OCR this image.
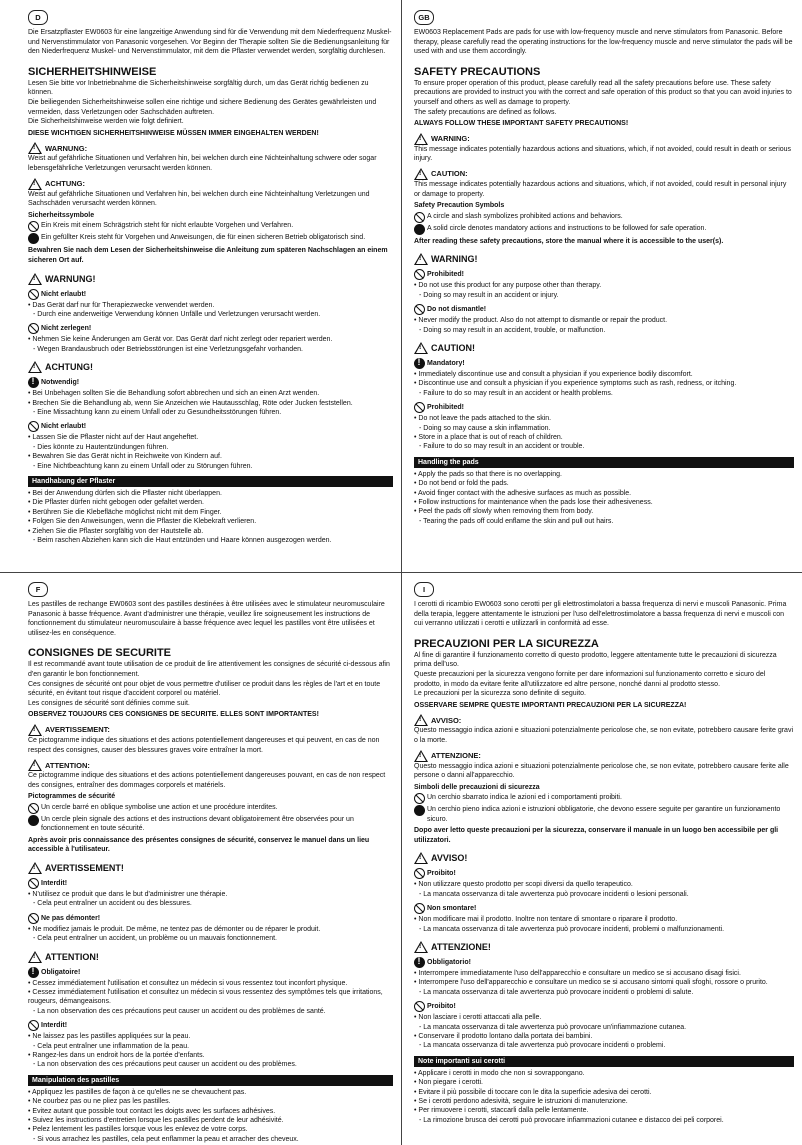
D

Die Ersatzpflaster EW0603 für eine langzeitige Anwendung sind für die Verwendung mit dem Niederfrequenz Muskel- und Nervenstimmulator von Panasonic vorgesehen. Vor Beginn der Therapie sollten Sie die Bedienungsanleitung für den Niederfrequenz Muskel- und Nervenstimmulator, mit dem die Pflaster verwendet werden, sorgfältig durchlesen.

SICHERHEITSHINWEISE

Lesen Sie bitte vor Inbetriebnahme die Sicherheitshinweise sorgfältig durch, um das Gerät richtig bedienen zu können.

Die beiliegenden Sicherheitshinweise sollen eine richtige und sichere Bedienung des Gerätes gewährleisten und vermeiden, dass Verletzungen oder Sachschäden auftreten.

Die Sicherheitshinweise werden wie folgt definiert.

DIESE WICHTIGEN SICHERHEITSHINWEISE MÜSSEN IMMER EINGEHALTEN WERDEN!
!
WARNUNG:

Weist auf gefährliche Situationen und Verfahren hin, bei welchen durch eine Nichteinhaltung schwere oder sogar lebensgefährliche Verletzungen verursacht werden können.

!
ACHTUNG:

Weist auf gefährliche Situationen und Verfahren hin, bei welchen durch eine Nichteinhaltung Verletzungen und Sachschäden verursacht werden können.

Sicherheitssymbole
Ein Kreis mit einem Schrägstrich steht für nicht erlaubte Vorgehen und Verfahren.
Ein gefüllter Kreis steht für Vorgehen und Anweisungen, die für einen sicheren Betrieb obligatorisch sind.
Bewahren Sie nach dem Lesen der Sicherheitshinweise die Anleitung zum späteren Nachschlagen an einem sicheren Ort auf.
!
WARNUNG!
Nicht erlaubt!

• Das Gerät darf nur für Therapiezwecke verwendet werden.

- Durch eine anderweitige Verwendung können Unfälle und Verletzungen verursacht werden.

Nicht zerlegen!

• Nehmen Sie keine Änderungen am Gerät vor. Das Gerät darf nicht zerlegt oder repariert werden.

- Wegen Brandausbruch oder Betriebsstörungen ist eine Verletzungsgefahr vorhanden.

!
ACHTUNG!
!
Notwendig!

• Bei Unbehagen sollten Sie die Behandlung sofort abbrechen und sich an einen Arzt wenden.

• Brechen Sie die Behandlung ab, wenn Sie Anzeichen wie Hautausschlag, Röte oder Jucken feststellen.

- Eine Missachtung kann zu einem Unfall oder zu Gesundheitsstörungen führen.

Nicht erlaubt!

• Lassen Sie die Pflaster nicht auf der Haut angeheftet.

- Dies könnte zu Hautentzündungen führen.

• Bewahren Sie das Gerät nicht in Reichweite von Kindern auf.

- Eine Nichtbeachtung kann zu einem Unfall oder zu Störungen führen.

Handhabung der Pflaster

• Bei der Anwendung dürfen sich die Pflaster nicht überlappen.

• Die Pflaster dürfen nicht gebogen oder gefaltet werden.

• Berühren Sie die Klebefläche möglichst nicht mit dem Finger.

• Folgen Sie den Anweisungen, wenn die Pflaster die Klebekraft verlieren.

• Ziehen Sie die Pflaster sorgfältig von der Hautstelle ab.

- Beim raschen Abziehen kann sich die Haut entzünden und Haare können ausgezogen werden.

GB

EW0603 Replacement Pads are pads for use with low-frequency muscle and nerve stimulators from Panasonic. Before therapy, please carefully read the operating instructions for the low-frequency muscle and nerve stimulator the pads will be used with and use them accordingly.

SAFETY PRECAUTIONS

To ensure proper operation of this product, please carefully read all the safety precautions before use. These safety precautions are provided to instruct you with the correct and safe operation of this product so that you can avoid injuries to yourself and others as well as damage to property.

The safety precautions are defined as follows.

ALWAYS FOLLOW THESE IMPORTANT SAFETY PRECAUTIONS!
!
WARNING:

This message indicates potentially hazardous actions and situations, which, if not avoided, could result in death or serious injury.

!
CAUTION:

This message indicates potentially hazardous actions and situations, which, if not avoided, could result in personal injury or damage to property.

Safety Precaution Symbols
A circle and slash symbolizes prohibited actions and behaviors.
A solid circle denotes mandatory actions and instructions to be followed for safe operation.
After reading these safety precautions, store the manual where it is accessible to the user(s).
!
WARNING!
Prohibited!

• Do not use this product for any purpose other than therapy.

- Doing so may result in an accident or injury.

Do not dismantle!

• Never modify the product. Also do not attempt to dismantle or repair the product.

- Doing so may result in an accident, trouble, or malfunction.

!
CAUTION!
!
Mandatory!

• Immediately discontinue use and consult a physician if you experience bodily discomfort.

• Discontinue use and consult a physician if you experience symptoms such as rash, redness, or itching.

- Failure to do so may result in an accident or health problems.

Prohibited!

• Do not leave the pads attached to the skin.

- Doing so may cause a skin inflammation.

• Store in a place that is out of reach of children.

- Failure to do so may result in an accident or trouble.

Handling the pads

• Apply the pads so that there is no overlapping.

• Do not bend or fold the pads.

• Avoid finger contact with the adhesive surfaces as much as possible.

• Follow instructions for maintenance when the pads lose their adhesiveness.

• Peel the pads off slowly when removing them from body.

- Tearing the pads off could enflame the skin and pull out hairs.

F

Les pastilles de rechange EW0603 sont des pastilles destinées à être utilisées avec le stimulateur neuromusculaire Panasonic à basse fréquence. Avant d'administrer une thérapie, veuillez lire soigneusement les instructions de fonctionnement du stimulateur neuromusculaire à basse fréquence avec lequel les pastilles vont être utilisées et utilisez-les en conséquence.

CONSIGNES DE SECURITE

Il est recommandé avant toute utilisation de ce produit de lire attentivement les consignes de sécurité ci-dessous afin d'en garantir le bon fonctionnement.

Ces consignes de sécurité ont pour objet de vous permettre d'utiliser ce produit dans les règles de l'art et en toute sécurité, en évitant tout risque d'accident corporel ou matériel.

Les consignes de sécurité sont définies comme suit.

OBSERVEZ TOUJOURS CES CONSIGNES DE SECURITE. ELLES SONT IMPORTANTES!
!
AVERTISSEMENT:

Ce pictogramme indique des situations et des actions potentiellement dangereuses et qui peuvent, en cas de non respect des consignes, causer des blessures graves voire entraîner la mort.

!
ATTENTION:

Ce pictogramme indique des situations et des actions potentiellement dangereuses pouvant, en cas de non respect des consignes, entraîner des dommages corporels et matériels.

Pictogrammes de sécurité
Un cercle barré en oblique symbolise une action et une procédure interdites.
Un cercle plein signale des actions et des instructions devant obligatoirement être observées pour un fonctionnement en toute sécurité.
Après avoir pris connaissance des présentes consignes de sécurité, conservez le manuel dans un lieu accessible à l'utilisateur.
!
AVERTISSEMENT!
Interdit!

• N'utilisez ce produit que dans le but d'administrer une thérapie.

- Cela peut entraîner un accident ou des blessures.

Ne pas démonter!

• Ne modifiez jamais le produit. De même, ne tentez pas de démonter ou de réparer le produit.

- Cela peut entraîner un accident, un problème ou un mauvais fonctionnement.

!
ATTENTION!
!
Obligatoire!

• Cessez immédiatement l'utilisation et consultez un médecin si vous ressentez tout inconfort physique.

• Cessez immédiatement l'utilisation et consultez un médecin si vous ressentez des symptômes tels que irritations, rougeurs, démangeaisons.

- La non observation des ces précautions peut causer un accident ou des problèmes de santé.

Interdit!

• Ne laissez pas les pastilles appliquées sur la peau.

- Cela peut entraîner une inflammation de la peau.

• Rangez-les dans un endroit hors de la portée d'enfants.

- La non observation des ces précautions peut causer un accident ou des problèmes.

Manipulation des pastilles

• Appliquez les pastilles de façon à ce qu'elles ne se chevauchent pas.

• Ne courbez pas ou ne pliez pas les pastilles.

• Evitez autant que possible tout contact les doigts avec les surfaces adhésives.

• Suivez les instructions d'entretien lorsque les pastilles perdent de leur adhésivité.

• Pelez lentement les pastilles lorsque vous les enlevez de votre corps.

- Si vous arrachez les pastilles, cela peut enflammer la peau et arracher des cheveux.

I

I cerotti di ricambio EW0603 sono cerotti per gli elettrostimolatori a bassa frequenza di nervi e muscoli Panasonic. Prima della terapia, leggere attentamente le istruzioni per l'uso dell'elettrostimolatore a bassa frequenza di nervi e muscoli con cui verranno utilizzati i cerotti e utilizzarli in conformità ad esse.

PRECAUZIONI PER LA SICUREZZA

Al fine di garantire il funzionamento corretto di questo prodotto, leggere attentamente tutte le precauzioni di sicurezza prima dell'uso.

Queste precauzioni per la sicurezza vengono fornite per dare informazioni sul funzionamento corretto e sicuro del prodotto, in modo da evitare ferite all'utilizzatore ed altre persone, nonché danni al prodotto stesso.

Le precauzioni per la sicurezza sono definite di seguito.

OSSERVARE SEMPRE QUESTE IMPORTANTI PRECAUZIONI PER LA SICUREZZA!
!
AVVISO:

Questo messaggio indica azioni e situazioni potenzialmente pericolose che, se non evitate, potrebbero causare ferite gravi o la morte.

!
ATTENZIONE:

Questo messaggio indica azioni e situazioni potenzialmente pericolose che, se non evitate, potrebbero causare ferite alle persone o danni all'apparecchio.

Simboli delle precauzioni di sicurezza
Un cerchio sbarrato indica le azioni ed i comportamenti proibiti.
Un cerchio pieno indica azioni e istruzioni obbligatorie, che devono essere seguite per garantire un funzionamento sicuro.
Dopo aver letto queste precauzioni per la sicurezza, conservare il manuale in un luogo ben accessibile per gli utilizzatori.
!
AVVISO!
Proibito!

• Non utilizzare questo prodotto per scopi diversi da quello terapeutico.

- La mancata osservanza di tale avvertenza può provocare incidenti o lesioni personali.

Non smontare!

• Non modificare mai il prodotto. Inoltre non tentare di smontare o riparare il prodotto.

- La mancata osservanza di tale avvertenza può provocare incidenti, problemi o malfunzionamenti.

!
ATTENZIONE!
!
Obbligatorio!

• Interrompere immediatamente l'uso dell'apparecchio e consultare un medico se si accusano disagi fisici.

• Interrompere l'uso dell'apparecchio e consultare un medico se si accusano sintomi quali sfoghi, rossore o prurito.

- La mancata osservanza di tale avvertenza può provocare incidenti o problemi di salute.

Proibito!

• Non lasciare i cerotti attaccati alla pelle.

- La mancata osservanza di tale avvertenza può provocare un'infiammazione cutanea.

• Conservare il prodotto lontano dalla portata dei bambini.

- La mancata osservanza di tale avvertenza può provocare incidenti o problemi.

Note importanti sui cerotti

• Applicare i cerotti in modo che non si sovrappongano.

• Non piegare i cerotti.

• Evitare il più possibile di toccare con le dita la superficie adesiva dei cerotti.

• Se i cerotti perdono adesività, seguire le istruzioni di manutenzione.

• Per rimuovere i cerotti, staccarli dalla pelle lentamente.

- La rimozione brusca dei cerotti può provocare infiammazioni cutanee e distacco dei peli corporei.
